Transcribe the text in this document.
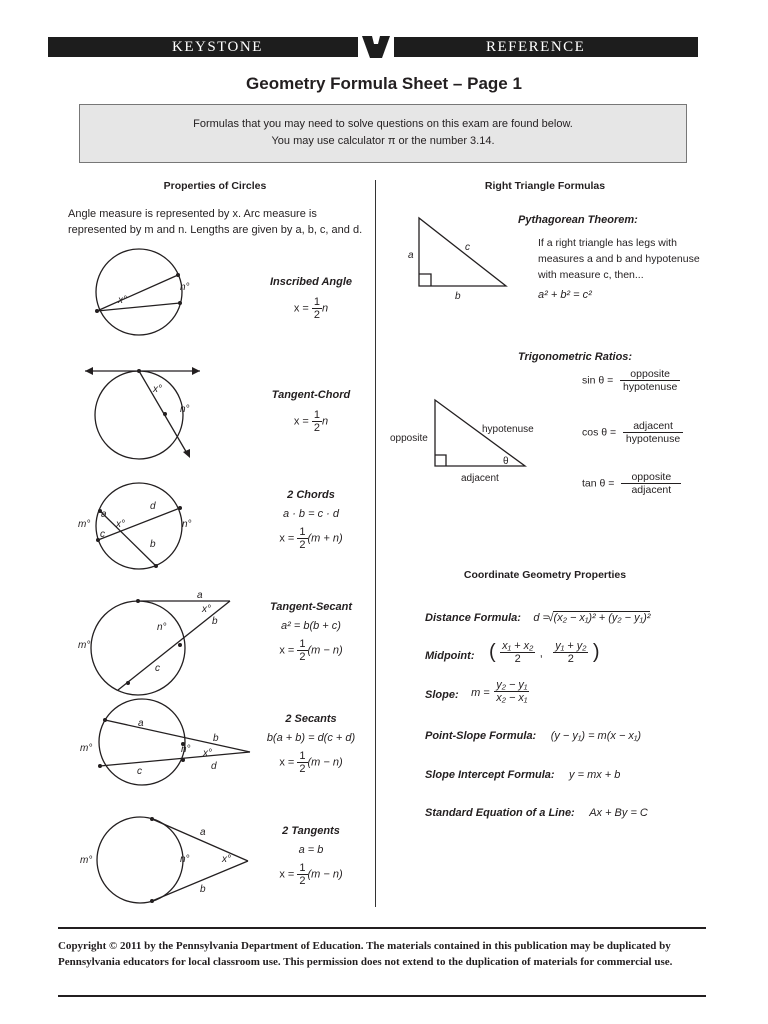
KEYSTONE	REFERENCE
Geometry Formula Sheet – Page 1
Formulas that you may need to solve questions on this exam are found below.
You may use calculator π or the number 3.14.
Properties of Circles
Angle measure is represented by x. Arc measure is represented by m and n. Lengths are given by a, b, c, and d.
n°
x°
x°
n°
m°
a
c
x°
d
b
n°
a
x°
b
n°
m°
c
a
b
n° x°
m°
c	d
a
n°	x°
m°
b
Inscribed Angle
$x = \frac{1}{2}$ n
Tangent-Chord
$x = \frac{1}{2}$ n
2 Chords
a · b = c · d
$x = \frac{1}{2} (m + n)$
Tangent-Secant
a² = b(b + c)
$x = \frac{1}{2} (m - n)$
2 Secants
b(a + b) = d(c + d)
$x = \frac{1}{2} (m - n)$
2 Tangents
a = b
$x = \frac{1}{2} (m - n)$
Right Triangle Formulas
a
c
b
opposite
hypotenuse
adjacent
θ
Pythagorean Theorem:
If a right triangle has legs with measures a and b and hypotenuse with measure c, then...
a² + b² = c²
Trigonometric Ratios:
$\sin \theta = \frac{\text{opposite}}{\text{hypotenuse}}$
$\cos \theta = \frac{\text{adjacent}}{\text{hypotenuse}}$
$\tan \theta = \frac{\text{opposite}}{\text{adjacent}}$
Coordinate Geometry Properties
Distance Formula: d = √(x₂ − x₁)² + (y₂ − y₁)²
Midpoint: ( $\frac{\text{x₁ + x₂}}{2}$ , $\frac{\text{y₁ + y₂}}{2}$ )
Slope: $m = \frac{\text{y₂ − y₁}}{\text{x₂ − x₁}}$
Point-Slope Formula: (y − y₁) = m(x − x₁)
Slope Intercept Formula: y = mx + b
Standard Equation of a Line: Ax + By = C
Copyright © 2011 by the Pennsylvania Department of Education. The materials contained in this publication may be duplicated by Pennsylvania educators for local classroom use. This permission does not extend to the duplication of materials for commercial use.
